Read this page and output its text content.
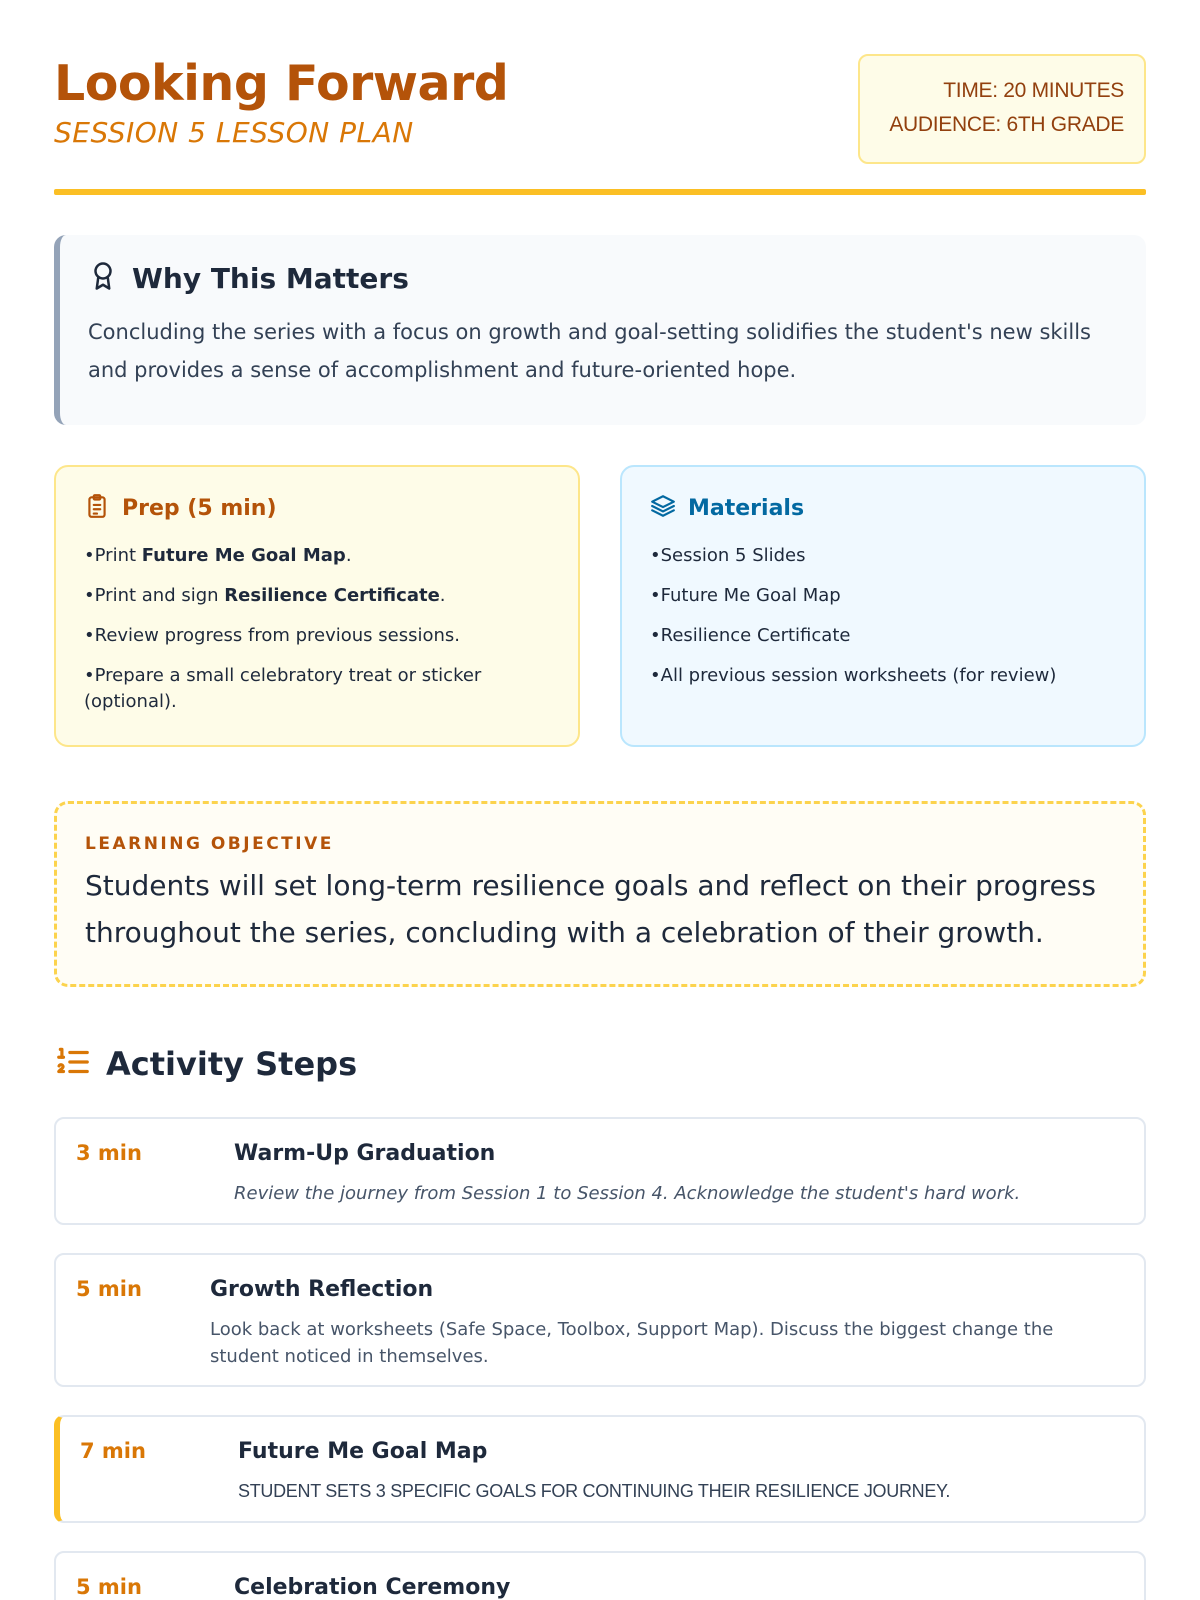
Looking Forward
SESSION 5 LESSON PLAN
TIME: 20 MINUTES
AUDIENCE: 6TH GRADE
Why This Matters
Concluding the series with a focus on growth and goal-setting solidifies the student's new skills and provides a sense of accomplishment and future-oriented hope.
Prep (5 min)
• Print Future Me Goal Map.
• Print and sign Resilience Certificate.
• Review progress from previous sessions.
• Prepare a small celebratory treat or sticker (optional).
Materials
• Session 5 Slides
• Future Me Goal Map
• Resilience Certificate
• All previous session worksheets (for review)
LEARNING OBJECTIVE
Students will set long-term resilience goals and reflect on their progress throughout the series, concluding with a celebration of their growth.
Activity Steps
3 min	Warm-Up Graduation
Review the journey from Session 1 to Session 4. Acknowledge the student's hard work.
5 min	Growth Reflection
Look back at worksheets (Safe Space, Toolbox, Support Map). Discuss the biggest change the student noticed in themselves.
7 min	Future Me Goal Map
STUDENT SETS 3 SPECIFIC GOALS FOR CONTINUING THEIR RESILIENCE JOURNEY.
5 min	Celebration Ceremony
